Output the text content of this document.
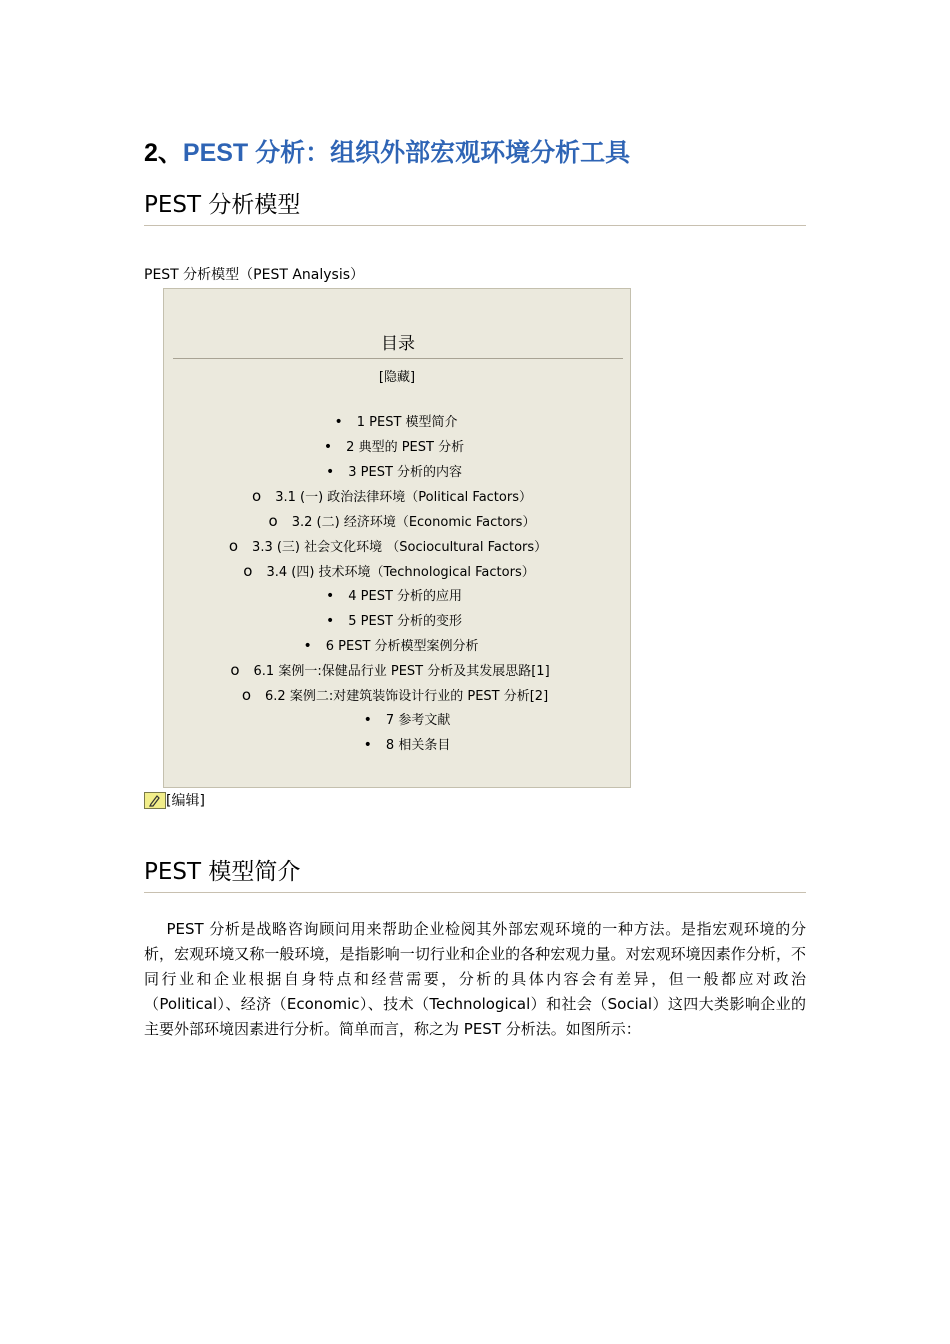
2、PEST 分析：组织外部宏观环境分析工具
PEST 分析模型

PEST 分析模型（PEST Analysis）

目录
[隐藏]
• 1 PEST 模型简介
• 2 典型的 PEST 分析
• 3 PEST 分析的内容
o 3.1 (一) 政治法律环境（Political Factors）
o 3.2 (二) 经济环境（Economic Factors）
o 3.3 (三) 社会文化环境 （Sociocultural Factors）
o 3.4 (四) 技术环境（Technological Factors）
• 4 PEST 分析的应用
• 5 PEST 分析的变形
• 6 PEST 分析模型案例分析
o 6.1 案例一:保健品行业 PEST 分析及其发展思路[1]
o 6.2 案例二:对建筑装饰设计行业的 PEST 分析[2]
• 7 参考文献
• 8 相关条目
[编辑]
PEST 模型简介

  PEST 分析是战略咨询顾问用来帮助企业检阅其外部宏观环境的一种方法。是指宏观环境的分析，宏观环境又称一般环境，是指影响一切行业和企业的各种宏观力量。对宏观环境因素作分析，不同行业和企业根据自身特点和经营需要，分析的具体内容会有差异，但一般都应对政治（Political）、经济（Economic）、技术（Technological）和社会（Social）这四大类影响企业的主要外部环境因素进行分析。简单而言，称之为 PEST 分析法。如图所示：
